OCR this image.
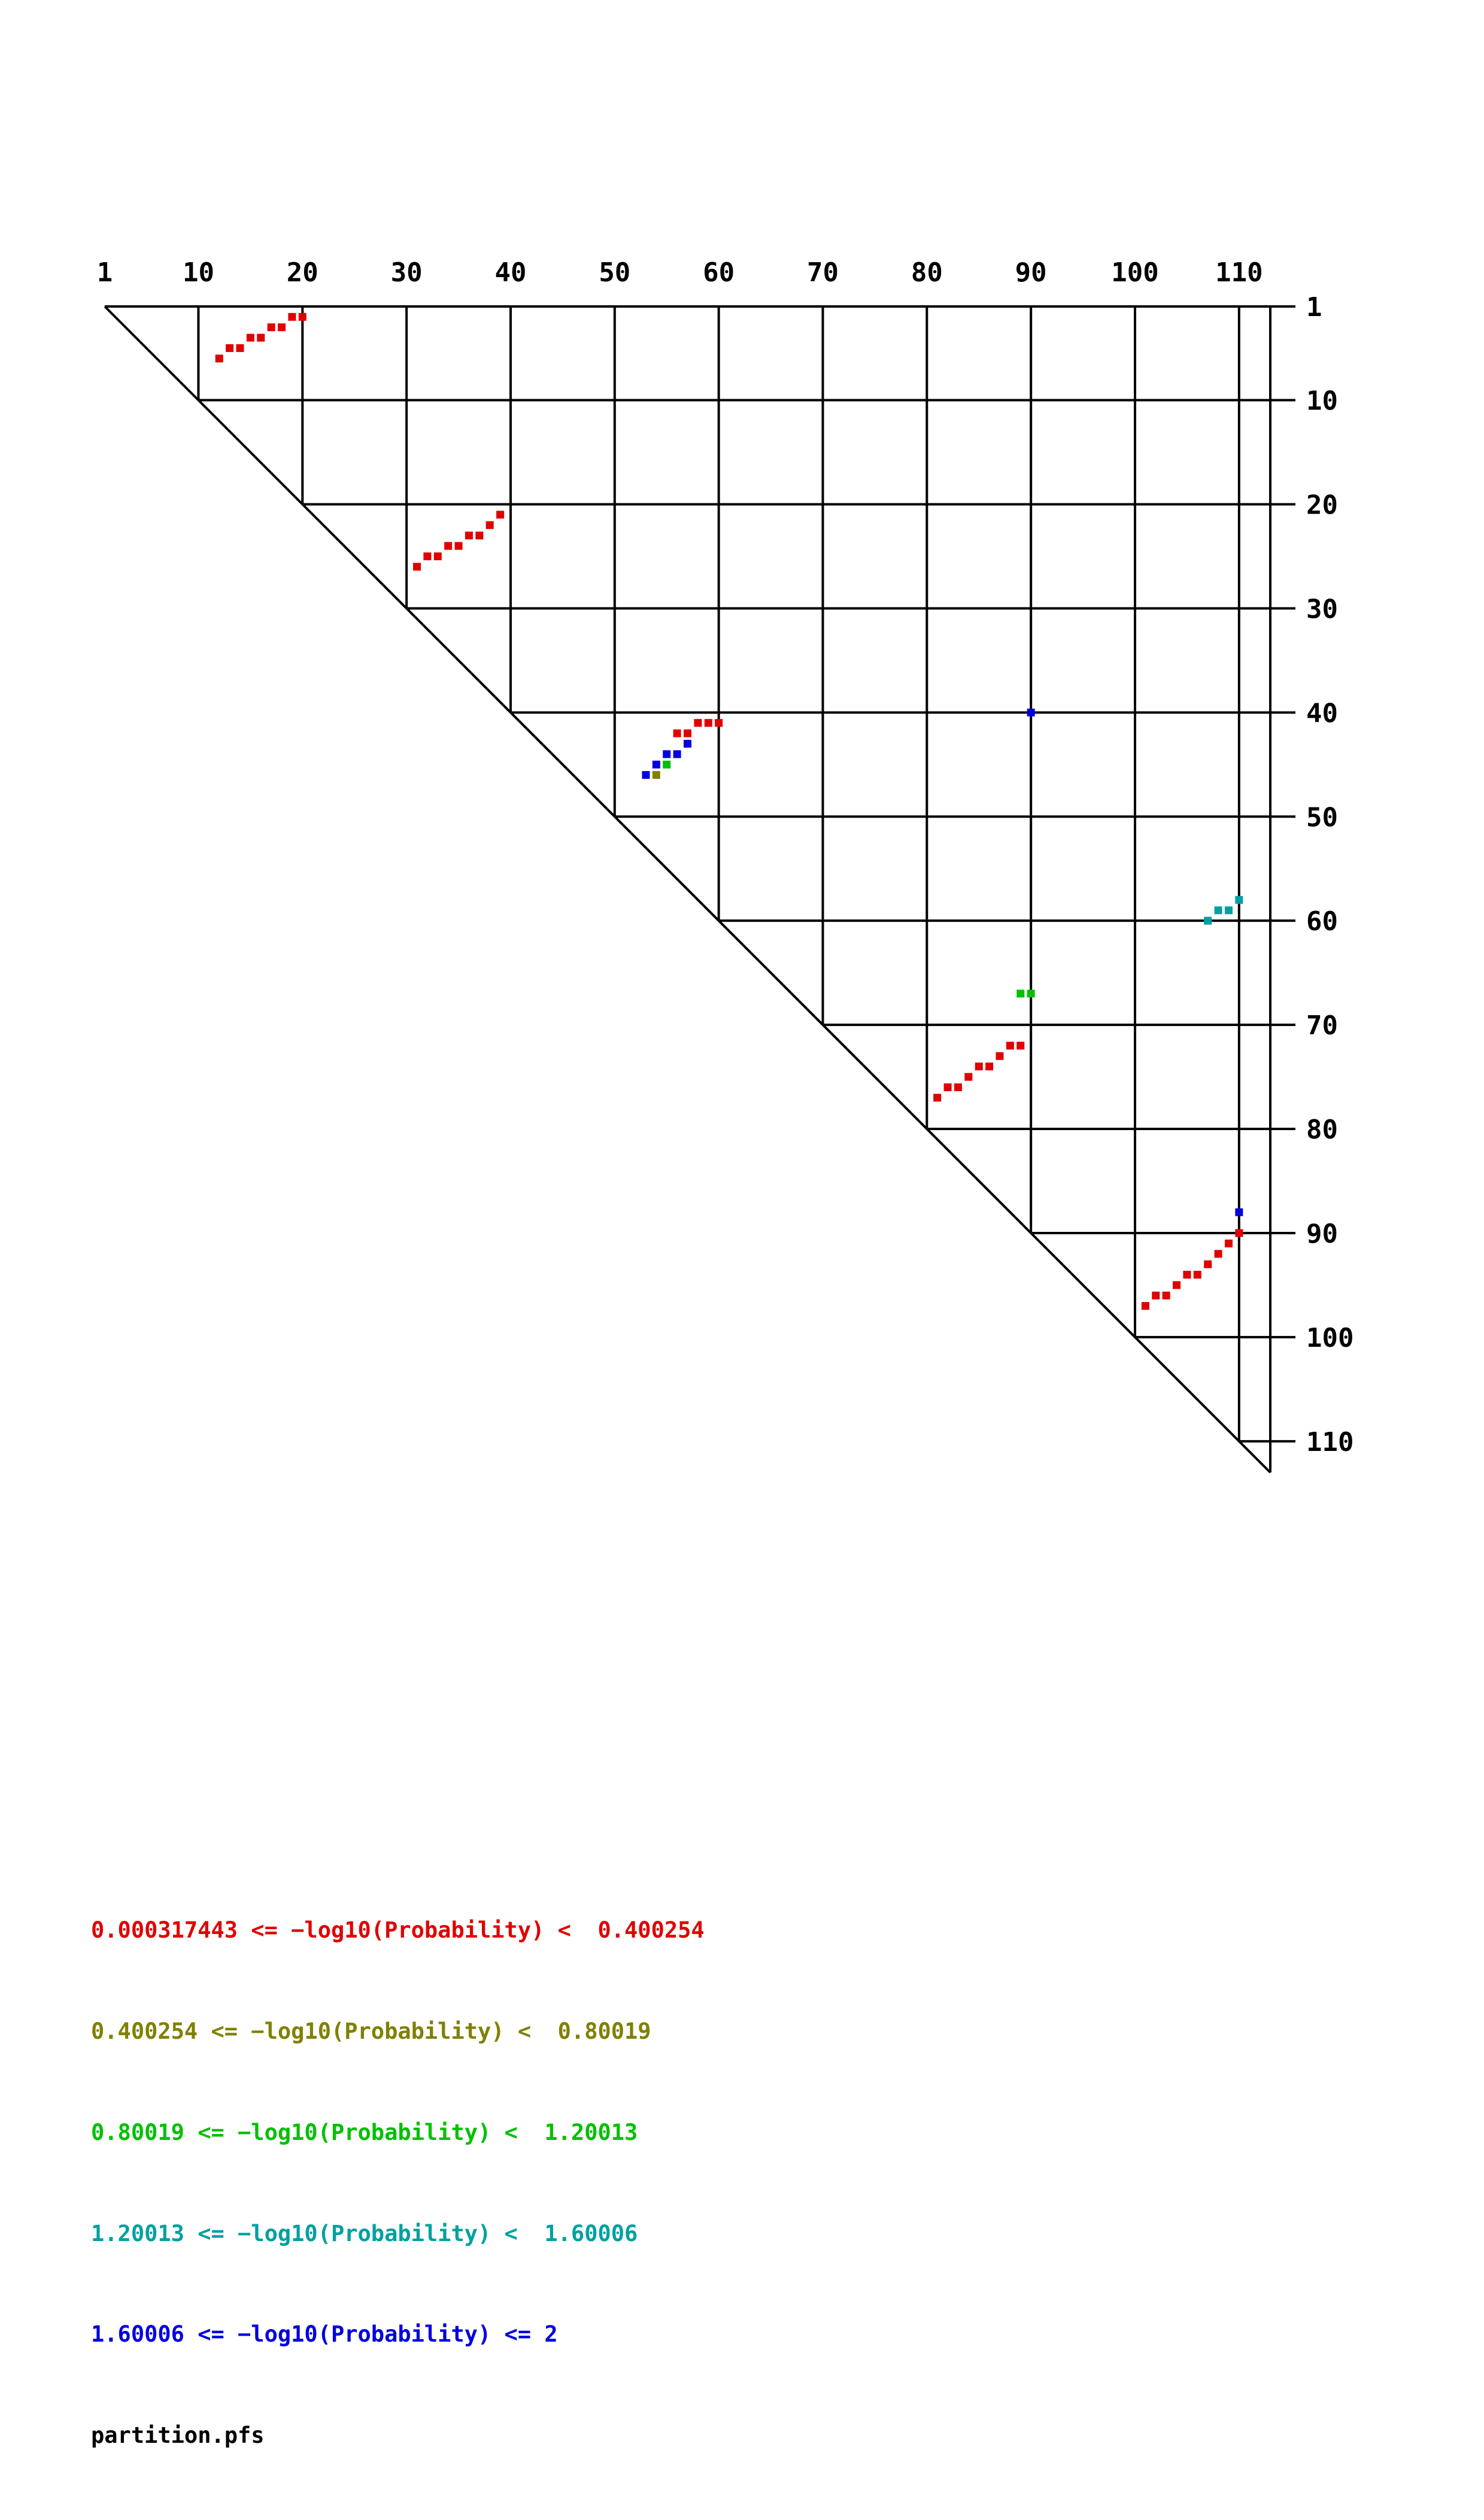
1	10	20	30	40	50	60	70	80	90 100 110
1
10
20
30
40
50
60
70
80
90
100
110

0.000317443 <= −log10(Probability) <  0.400254

0.400254 <= −log10(Probability) <  0.80019

0.80019 <= −log10(Probability) <  1.20013

1.20013 <= −log10(Probability) <  1.60006

1.60006 <= −log10(Probability) <= 2

partition.pfs
